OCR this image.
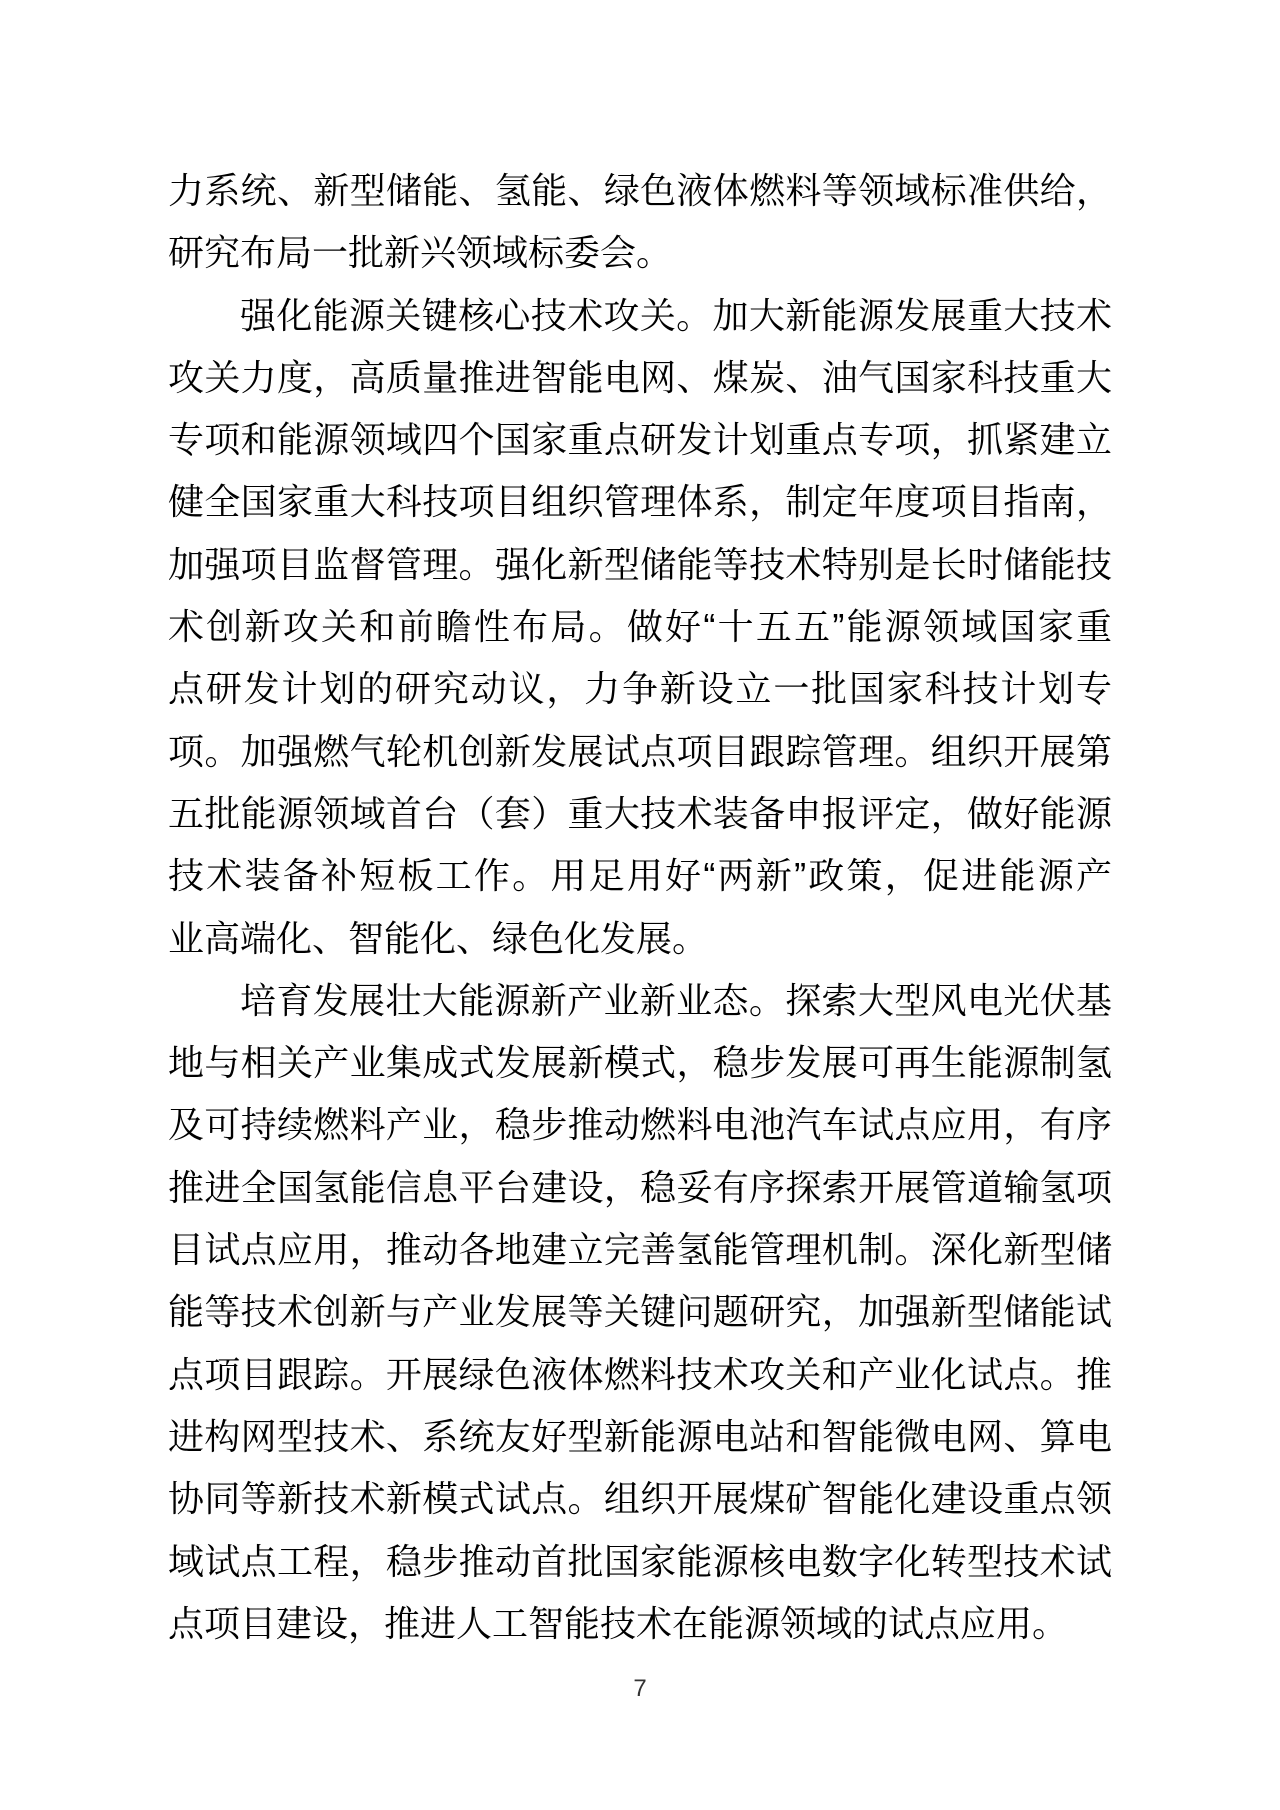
力系统、新型储能、氢能、绿色液体燃料等领域标准供给，
研究布局一批新兴领域标委会。
强化能源关键核心技术攻关。加大新能源发展重大技术
攻关力度，高质量推进智能电网、煤炭、油气国家科技重大
专项和能源领域四个国家重点研发计划重点专项，抓紧建立
健全国家重大科技项目组织管理体系，制定年度项目指南，
加强项目监督管理。强化新型储能等技术特别是长时储能技
术创新攻关和前瞻性布局。做好“十五五”能源领域国家重
点研发计划的研究动议，力争新设立一批国家科技计划专
项。加强燃气轮机创新发展试点项目跟踪管理。组织开展第
五批能源领域首台（套）重大技术装备申报评定，做好能源
技术装备补短板工作。用足用好“两新”政策，促进能源产
业高端化、智能化、绿色化发展。
培育发展壮大能源新产业新业态。探索大型风电光伏基
地与相关产业集成式发展新模式，稳步发展可再生能源制氢
及可持续燃料产业，稳步推动燃料电池汽车试点应用，有序
推进全国氢能信息平台建设，稳妥有序探索开展管道输氢项
目试点应用，推动各地建立完善氢能管理机制。深化新型储
能等技术创新与产业发展等关键问题研究，加强新型储能试
点项目跟踪。开展绿色液体燃料技术攻关和产业化试点。推
进构网型技术、系统友好型新能源电站和智能微电网、算电
协同等新技术新模式试点。组织开展煤矿智能化建设重点领
域试点工程，稳步推动首批国家能源核电数字化转型技术试
点项目建设，推进人工智能技术在能源领域的试点应用。
7
